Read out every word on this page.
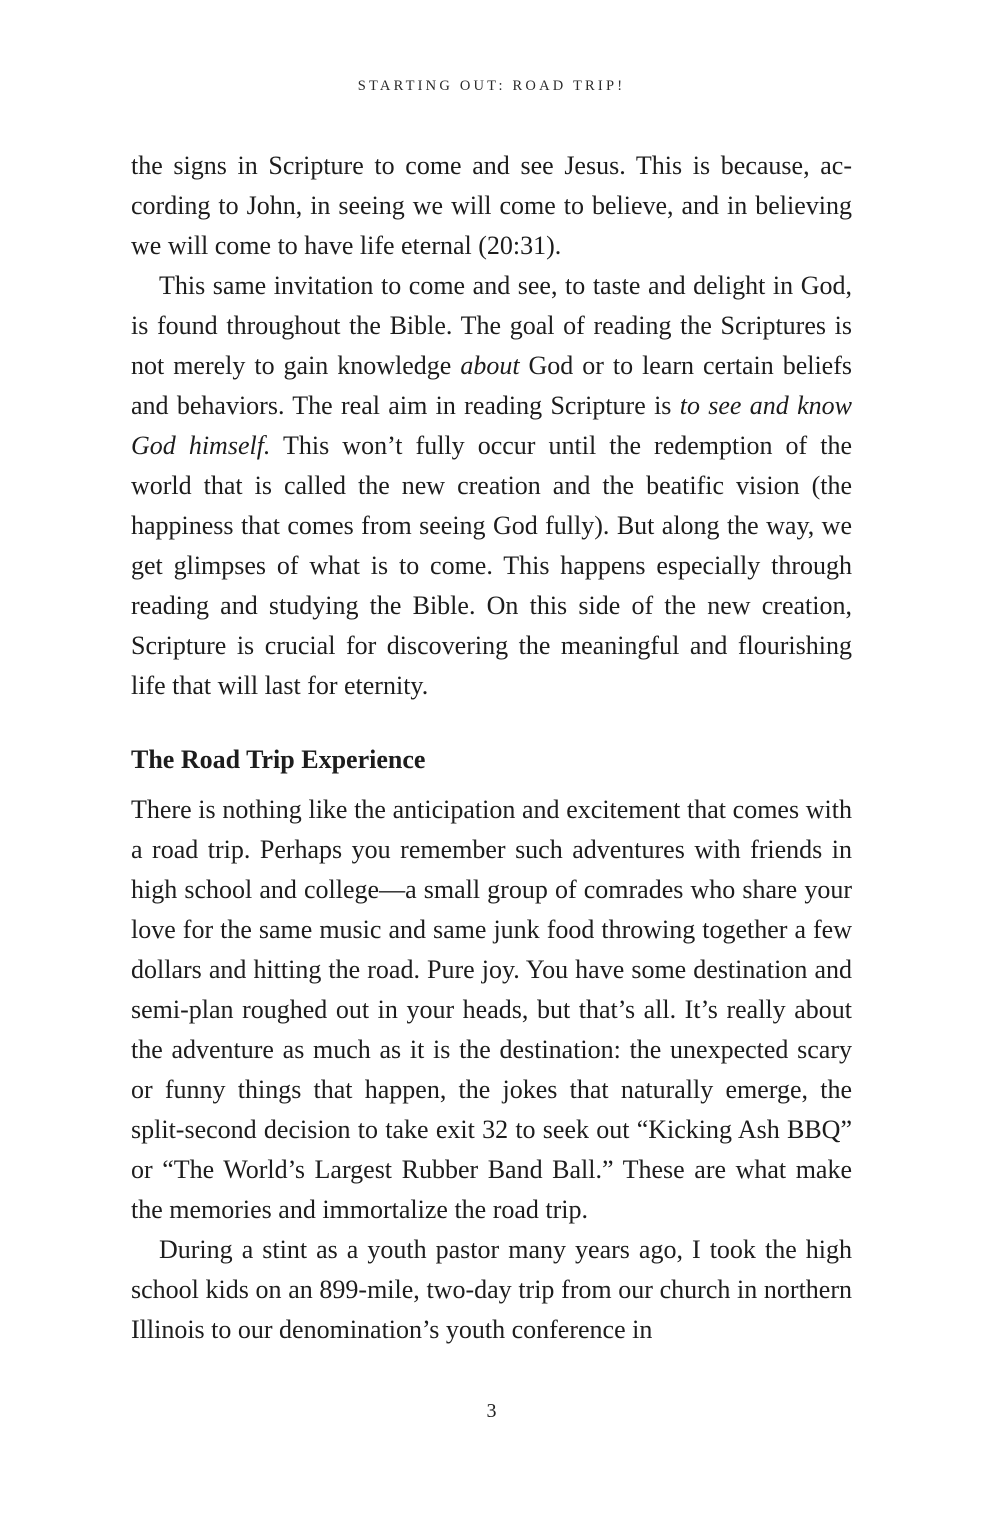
STARTING OUT: ROAD TRIP!

the signs in Scripture to come and see Jesus. This is because, according to John, in seeing we will come to believe, and in believing we will come to have life eternal (20:31).

This same invitation to come and see, to taste and delight in God, is found throughout the Bible. The goal of reading the Scriptures is not merely to gain knowledge about God or to learn certain beliefs and behaviors. The real aim in reading Scripture is to see and know God himself. This won’t fully occur until the redemption of the world that is called the new creation and the beatific vision (the happiness that comes from seeing God fully). But along the way, we get glimpses of what is to come. This happens especially through reading and studying the Bible. On this side of the new creation, Scripture is crucial for discovering the meaningful and flourishing life that will last for eternity.

The Road Trip Experience

There is nothing like the anticipation and excitement that comes with a road trip. Perhaps you remember such adventures with friends in high school and college—a small group of comrades who share your love for the same music and same junk food throwing together a few dollars and hitting the road. Pure joy. You have some destination and semi-plan roughed out in your heads, but that’s all. It’s really about the adventure as much as it is the destination: the unexpected scary or funny things that happen, the jokes that naturally emerge, the split-second decision to take exit 32 to seek out “Kicking Ash BBQ” or “The World’s Largest Rubber Band Ball.” These are what make the memories and immortalize the road trip.

During a stint as a youth pastor many years ago, I took the high school kids on an 899-mile, two-day trip from our church in northern Illinois to our denomination’s youth conference in

3
